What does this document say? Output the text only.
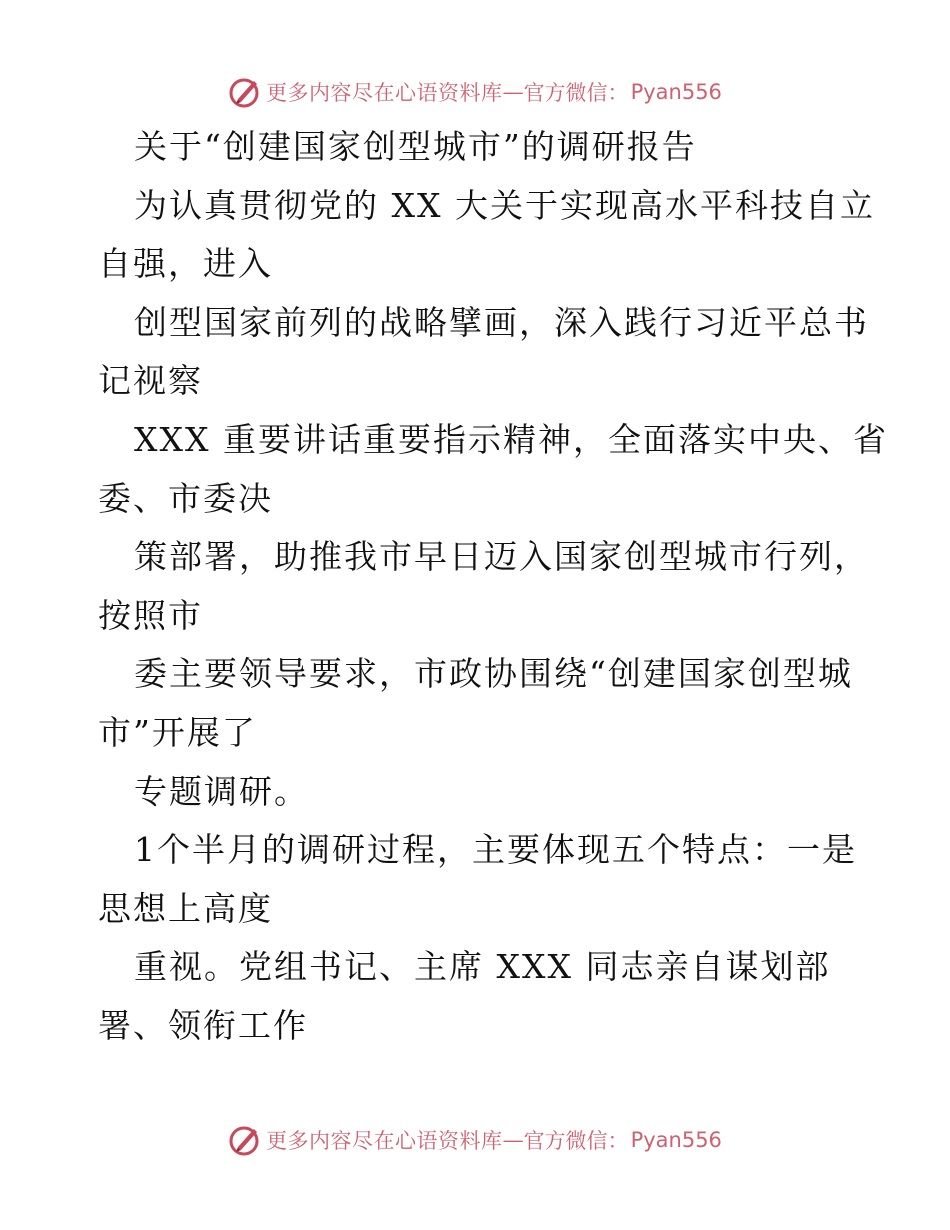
更多内容尽在心语资料库 — 官方微信： Pyan556
关于“创建国家创型城市”的调研报告
为认真贯彻党的 XX 大关于实现高水平科技自立
自强，进入
创型国家前列的战略擘画，深入践行习近平总书
记视察
XXX 重要讲话重要指示精神，全面落实中央、省
委、市委决
策部署，助推我市早日迈入国家创型城市行列，
按照市
委主要领导要求，市政协围绕“创建国家创型城
市”开展了
专题调研。
1个半月的调研过程，主要体现五个特点：一是
思想上高度
重视。党组书记、主席 XXX 同志亲自谋划部
署、领衔工作
更多内容尽在心语资料库 — 官方微信： Pyan556
